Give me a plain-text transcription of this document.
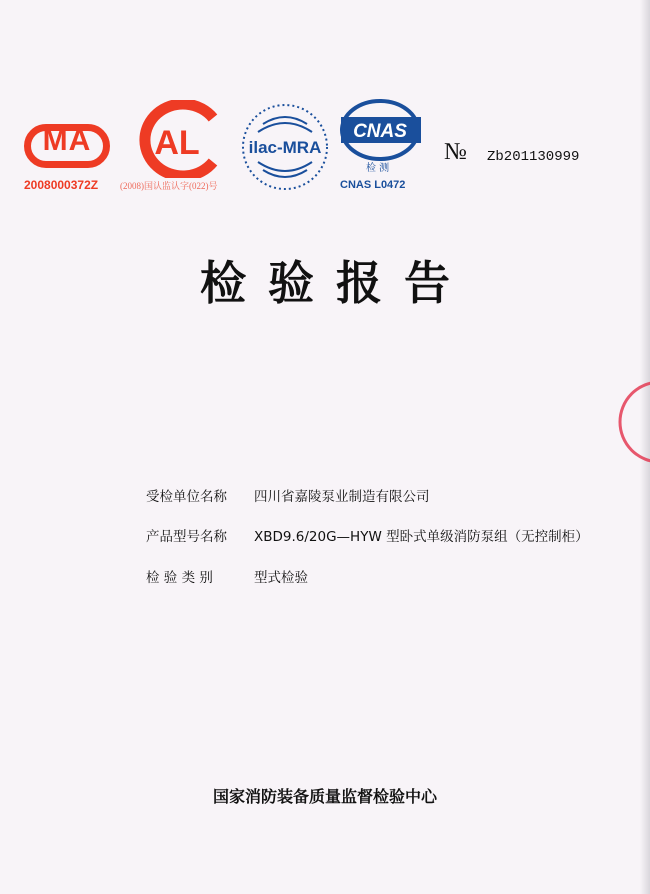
MA
2008000372Z
AL
(2008)国认监认字(022)号
ilac-MRA
CNAS
检 测
CNAS L0472
№ Zb201130999
检验报告
受检单位名称 四川省嘉陵泵业制造有限公司
产品型号名称 XBD9.6/20G—HYW 型卧式单级消防泵组（无控制柜）
检 验 类 别	型式检验
国家消防装备质量监督检验中心
